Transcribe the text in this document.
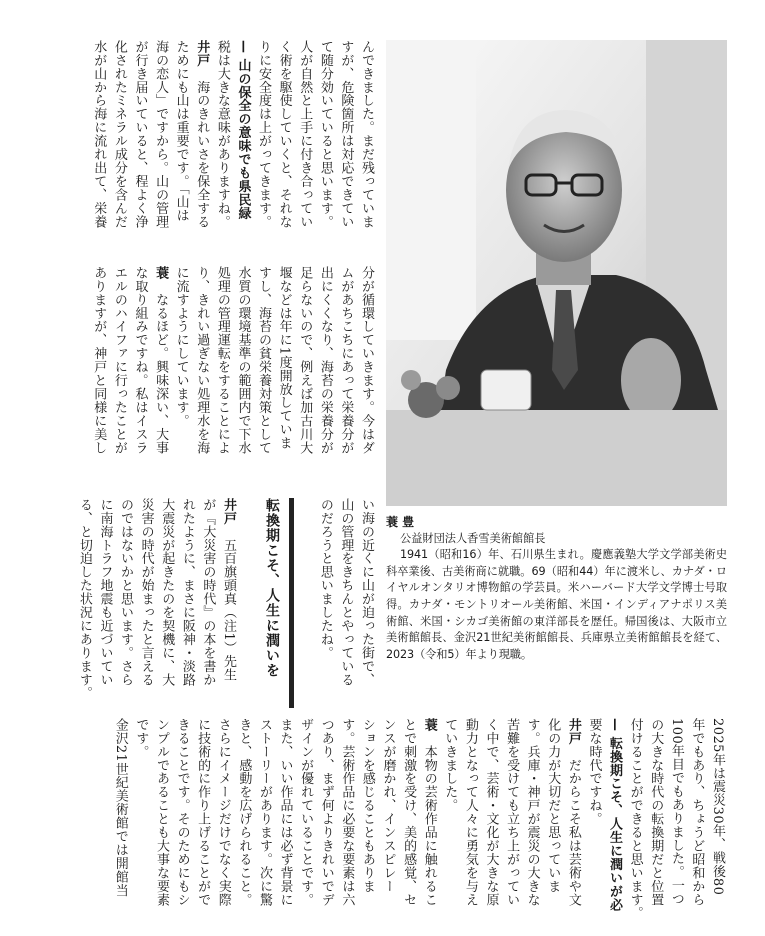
んできました。まだ残っていま
すが、危険箇所は対応できてい
て随分効いていると思います。
人が自然と上手に付き合ってい
く術を駆使していくと、それな
りに安全度は上がってきます。
— 山の保全の意味でも県民緑
税は大きな意味がありますね。
井戸　海のきれいさを保全する
ためにも山は重要です。「山は
海の恋人」ですから。山の管理
が行き届いていると、程よく浄
化されたミネラル成分を含んだ
水が山から海に流れ出て、栄養
分が循環していきます。今はダ
ムがあちこちにあって栄養分が
出にくくなり、海苔の栄養分が
足らないので、例えば加古川大
堰などは年に1度開放していま
すし、海苔の貧栄養対策として
水質の環境基準の範囲内で下水
処理の管理運転をすることによ
り、きれい過ぎない処理水を海
に流すようにしています。
蓑　なるほど。興味深い、大事
な取り組みですね。私はイスラ
エルのハイファに行ったことが
ありますが、神戸と同様に美し
井戸　五百旗頭真（注1）先生
が『大災害の時代』の本を書か
れたように、まさに阪神・淡路
大震災が起きたのを契機に、大
災害の時代が始まったと言える
のではないかと思います。さら
に南海トラフ地震も近づいてい
る、と切迫した状況にあります。	転換期こそ、人生に潤いを	い海の近くに山が迫った街で、
山の管理をきちんとやっている
のだろうと思いましたね。	蓑 豊
公益財団法人香雪美術館館長
1941（昭和16）年、石川県生まれ。慶應義塾大学文学部美術史科卒業後、古美術商に就職。69（昭和44）年に渡米し、カナダ・ロイヤルオンタリオ博物館の学芸員。米ハーバード大学文学博士号取得。カナダ・モントリオール美術館、米国・インディアナポリス美術館、米国・シカゴ美術館の東洋部長を歴任。帰国後は、大阪市立美術館館長、金沢21世紀美術館館長、兵庫県立美術館館長を経て、2023（令和5）年より現職。
2025年は震災30年、戦後80
年でもあり、ちょうど昭和から
100年目でもありました。一つ
の大きな時代の転換期だと位置
付けることができると思います。
— 転換期こそ、人生に潤いが必
要な時代ですね。
井戸　だからこそ私は芸術や文
化の力が大切だと思っていま
す。兵庫・神戸が震災の大きな
苦難を受けても立ち上がってい
く中で、芸術・文化が大きな原
動力となって人々に勇気を与え
ていきました。
蓑　本物の芸術作品に触れるこ
とで刺激を受け、美的感覚、セ
ンスが磨かれ、インスピレー
ションを感じることもありま
す。芸術作品に必要な要素は六
つあり、まず何よりきれいでデ
ザインが優れていることです。
また、いい作品には必ず背景に
ストーリーがあります。次に驚
きと、感動を広げられること。
さらにイメージだけでなく実際
に技術的に作り上げることがで
きることです。そのためにもシ
ンプルであることも大事な要素
です。
金沢21世紀美術館では開館当
